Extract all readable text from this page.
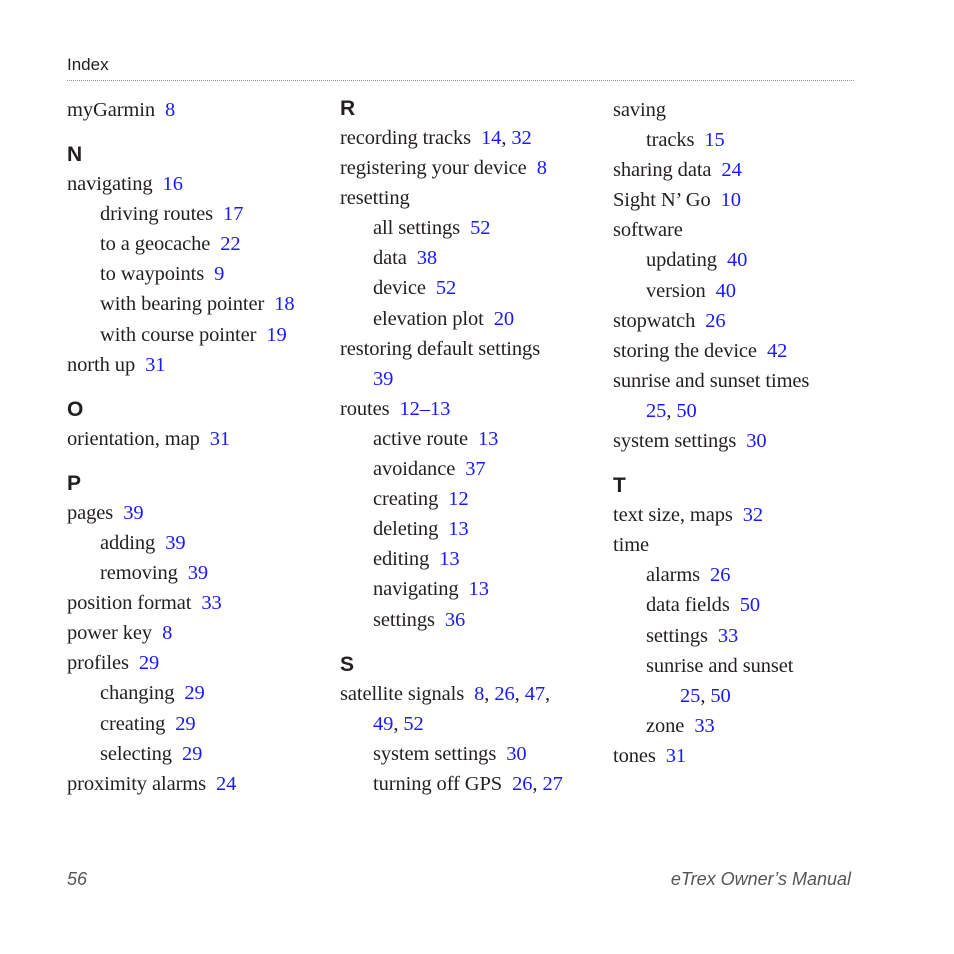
Index
myGarmin 8
N
navigating 16
driving routes 17
to a geocache 22
to waypoints 9
with bearing pointer 18
with course pointer 19
north up 31
O
orientation, map 31
P
pages 39
adding 39
removing 39
position format 33
power key 8
profiles 29
changing 29
creating 29
selecting 29
proximity alarms 24
R
recording tracks 14, 32
registering your device 8
resetting
all settings 52
data 38
device 52
elevation plot 20
restoring default settings
39
routes 12–13
active route 13
avoidance 37
creating 12
deleting 13
editing 13
navigating 13
settings 36
S
satellite signals 8, 26, 47,
49, 52
system settings 30
turning off GPS 26, 27
saving
tracks 15
sharing data 24
Sight N’ Go 10
software
updating 40
version 40
stopwatch 26
storing the device 42
sunrise and sunset times
25, 50
system settings 30
T
text size, maps 32
time
alarms 26
data fields 50
settings 33
sunrise and sunset
25, 50
zone 33
tones 31
56	eTrex Owner’s Manual
